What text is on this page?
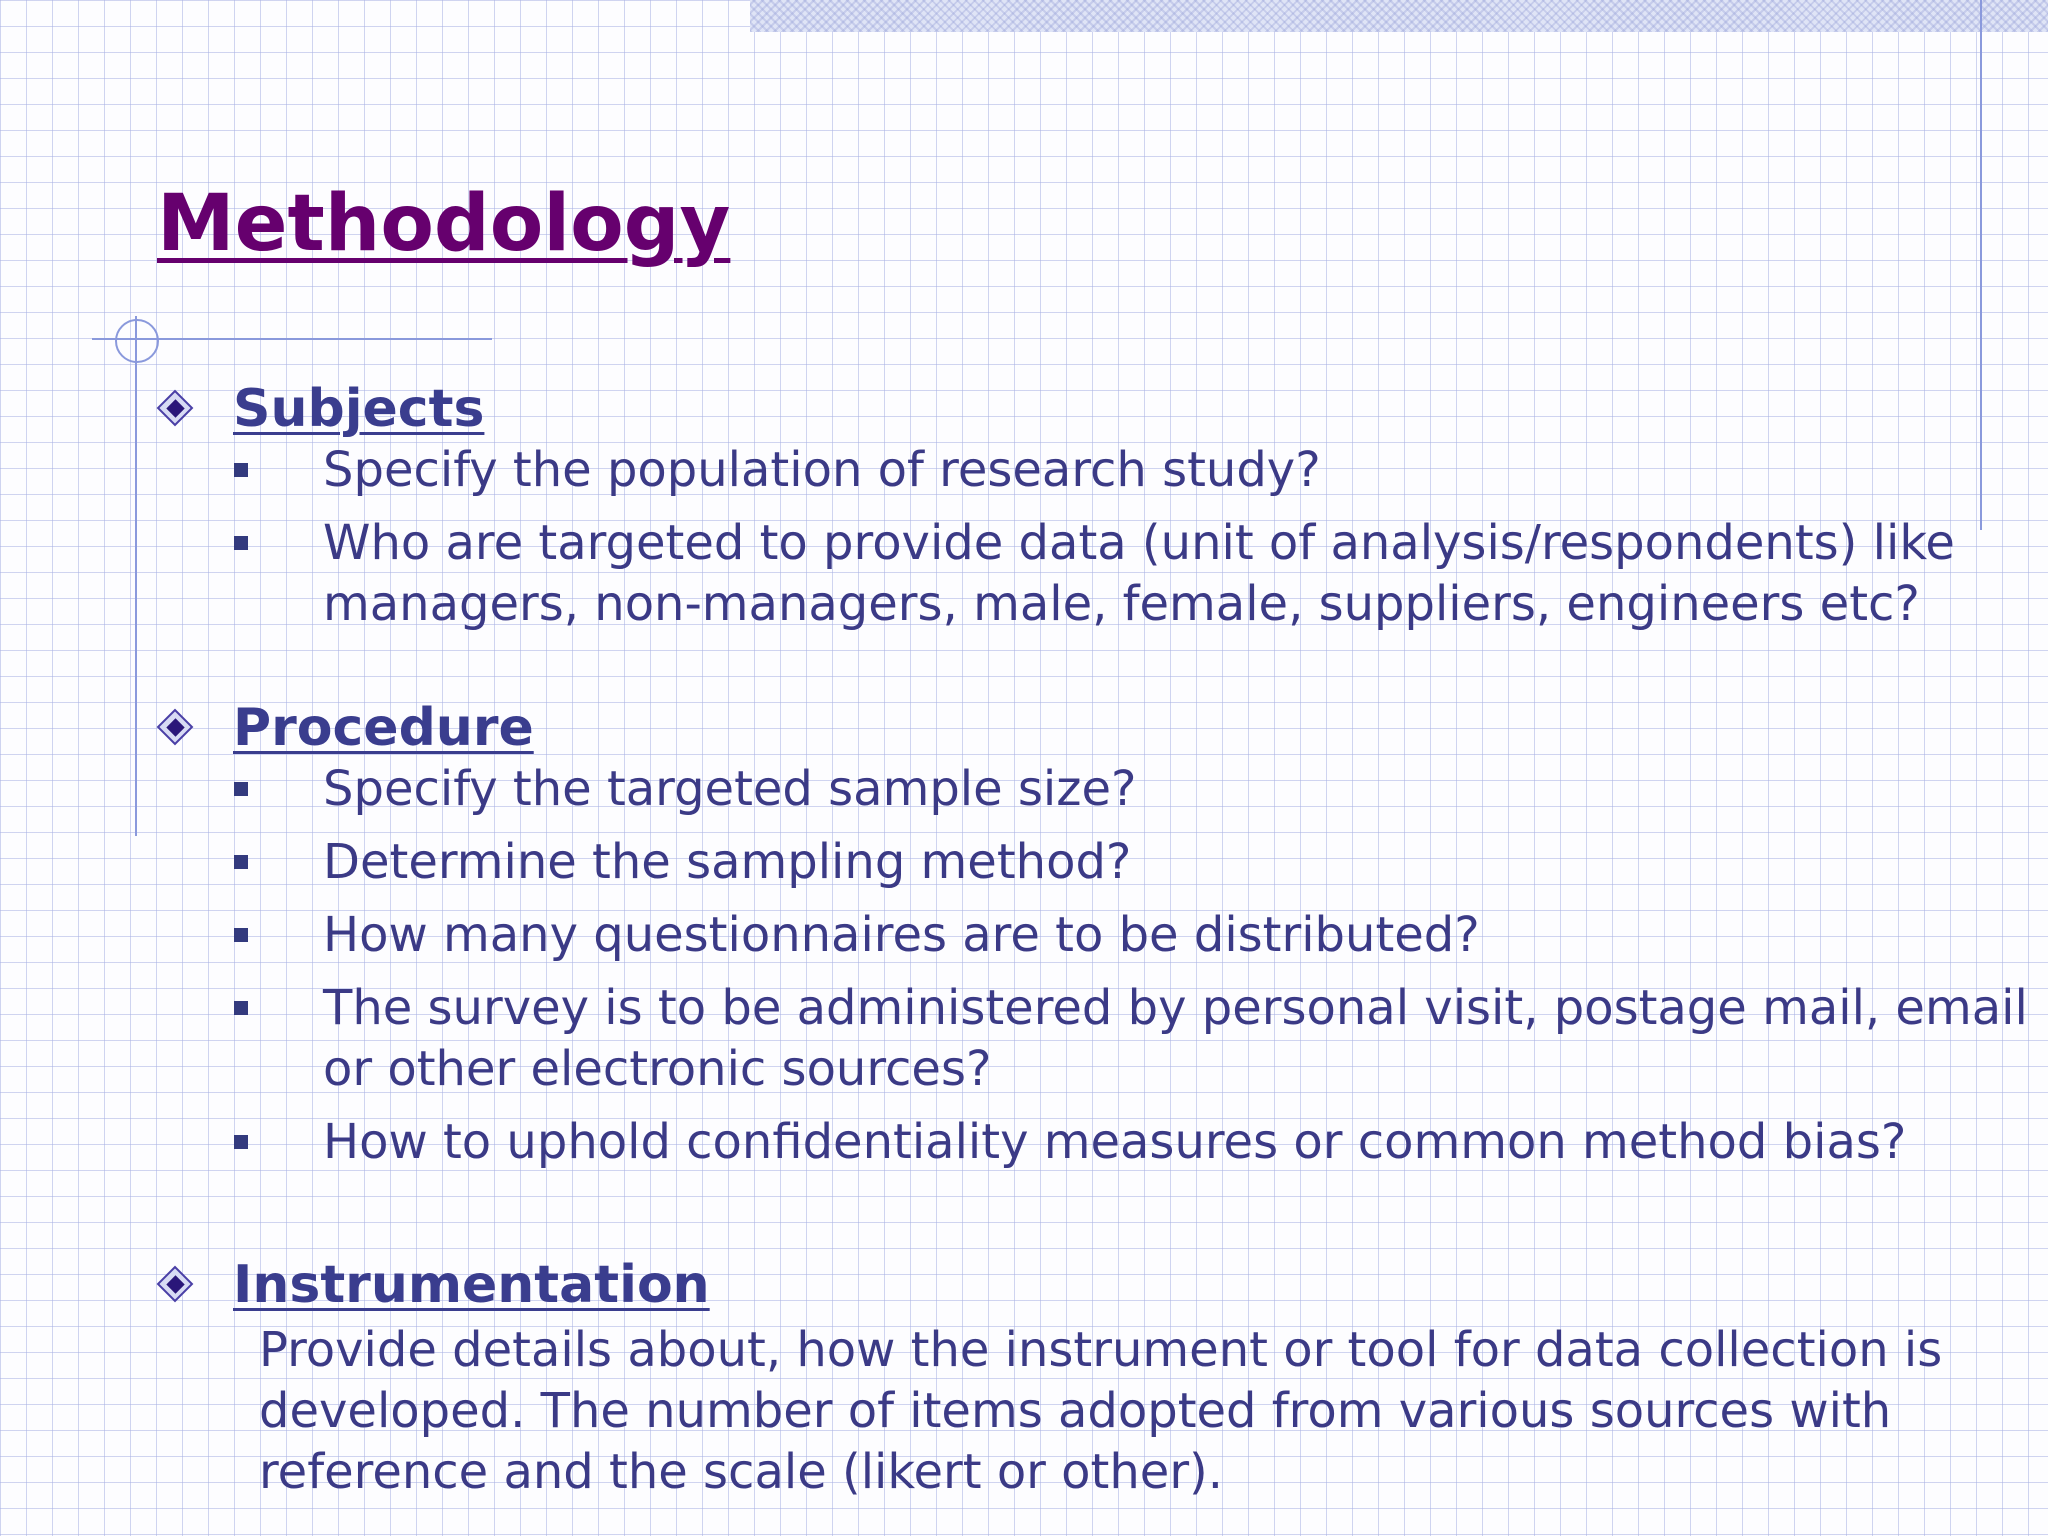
Methodology
Subjects
Specify the population of research study?
Who are targeted to provide data (unit of analysis/respondents) like managers, non-managers, male, female, suppliers, engineers etc?
Procedure
Specify the targeted sample size?
Determine the sampling method?
How many questionnaires are to be distributed?
The survey is to be administered by personal visit, postage mail, email or other electronic sources?
How to uphold confidentiality measures or common method bias?
Instrumentation
Provide details about, how the instrument or tool for data collection is developed. The number of items adopted from various sources with reference and the scale (likert or other).
